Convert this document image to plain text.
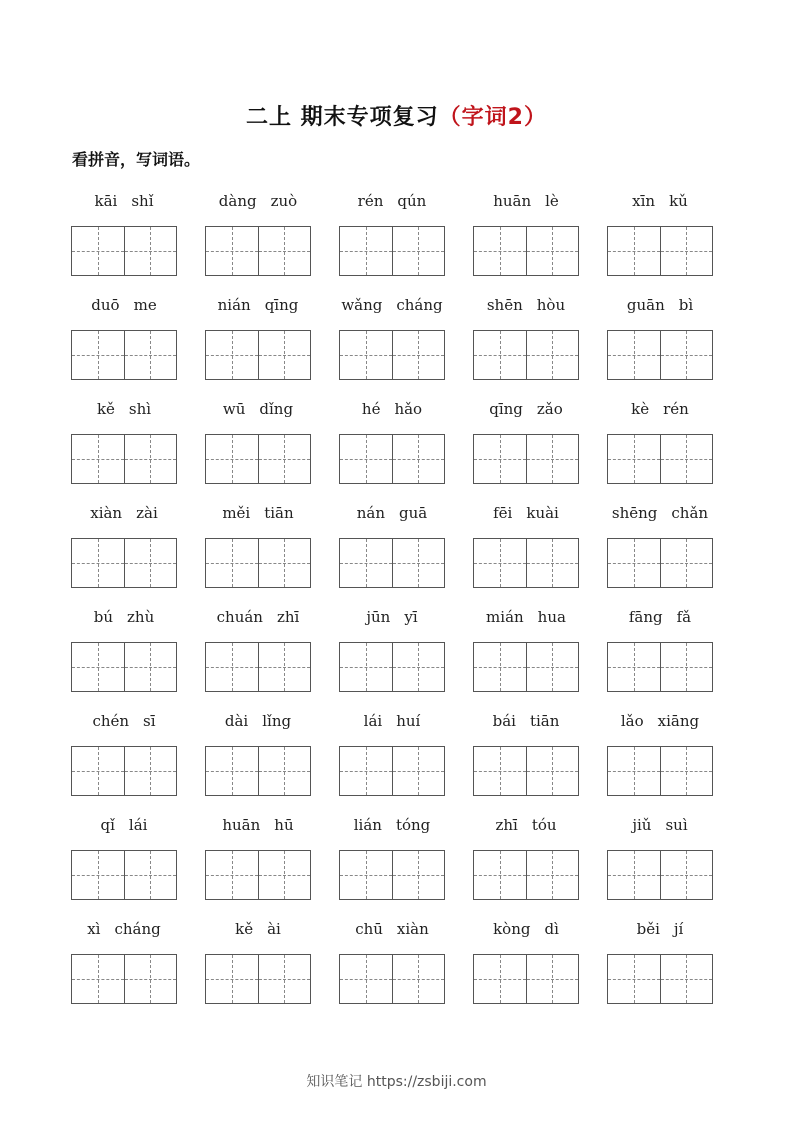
二上 期末专项复习（字词2）
看拼音，写词语。
kāi shǐ	dàng zuò	rén qún	huān lè	xīn kǔ
duō me	nián qīng	wǎng cháng	shēn hòu	guān bì
kě shì	wū dǐng	hé hǎo	qīng zǎo	kè rén
xiàn zài	měi tiān	nán guā	fēi kuài	shēng chǎn
bú zhù	chuán zhī	jūn yī	mián hua	fāng fǎ
chén sī	dài lǐng	lái huí	bái tiān	lǎo xiāng
qǐ lái	huān hū	lián tóng	zhī tóu	jiǔ suì
xì cháng	kě ài	chū xiàn	kòng dì	běi jí
知识笔记 https://zsbiji.com
